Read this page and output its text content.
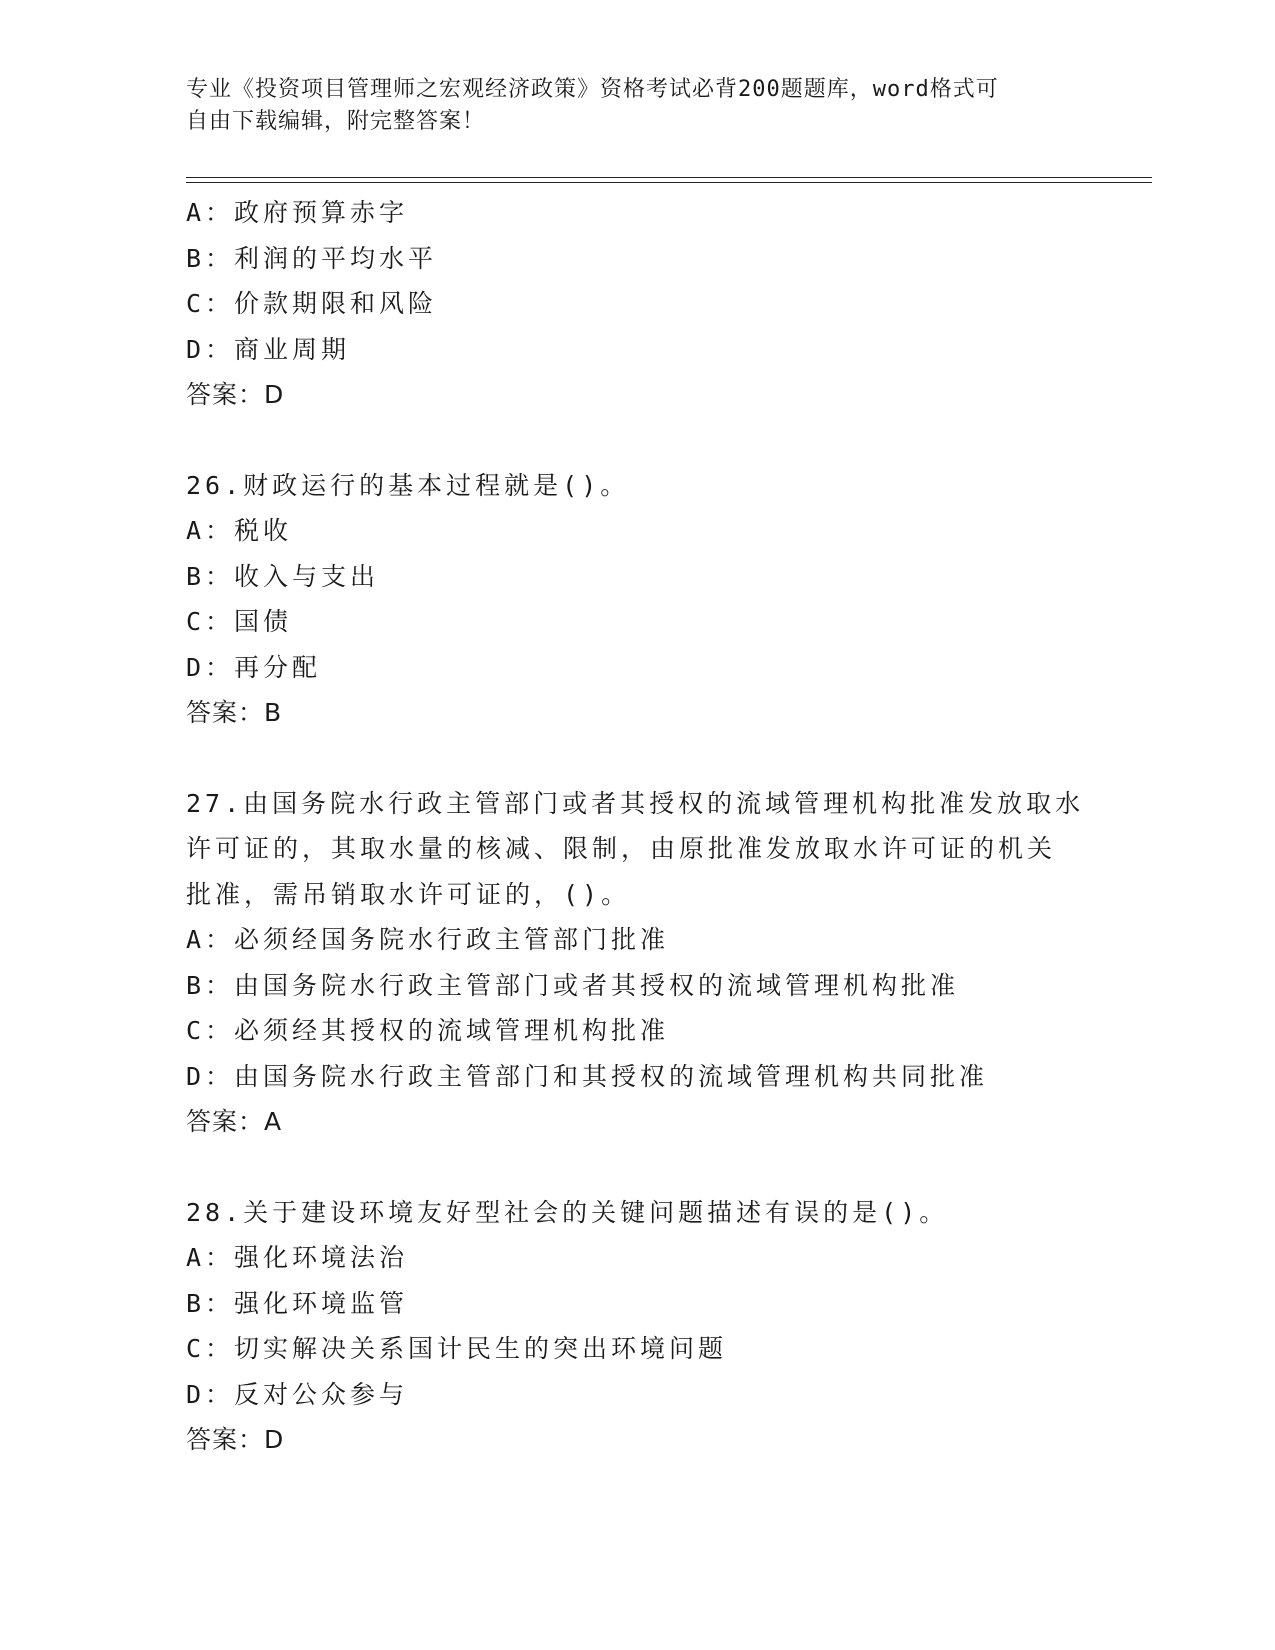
专业《投资项目管理师之宏观经济政策》资格考试必背200题题库，word格式可
自由下载编辑，附完整答案！
A：政府预算赤字
B：利润的平均水平
C：价款期限和风险
D：商业周期
答案：D
26.财政运行的基本过程就是()。
A：税收
B：收入与支出
C：国债
D：再分配
答案：B
27.由国务院水行政主管部门或者其授权的流域管理机构批准发放取水
许可证的，其取水量的核减、限制，由原批准发放取水许可证的机关
批准，需吊销取水许可证的，()。
A：必须经国务院水行政主管部门批准
B：由国务院水行政主管部门或者其授权的流域管理机构批准
C：必须经其授权的流域管理机构批准
D：由国务院水行政主管部门和其授权的流域管理机构共同批准
答案：A
28.关于建设环境友好型社会的关键问题描述有误的是()。
A：强化环境法治
B：强化环境监管
C：切实解决关系国计民生的突出环境问题
D：反对公众参与
答案：D
